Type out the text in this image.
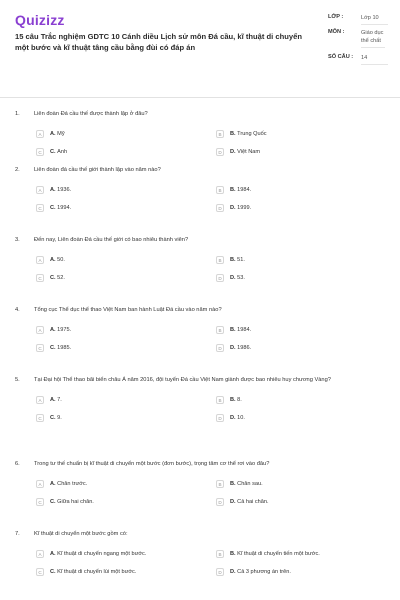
Quizizz
15 câu Trắc nghiệm GDTC 10 Cánh diều Lịch sử môn Đá cầu, kĩ thuật di chuyển một bước và kĩ thuật tâng cầu bằng đùi có đáp án
LỚP :	Lớp 10
MÔN :	Giáo dục thể chất
SỐ CÂU :	14
1.	Liên đoàn Đá cầu thế được thành lập ở đâu?
A	A. Mỹ	B	B. Trung Quốc
C	C. Anh	D	D. Việt Nam
2.	Liên đoàn đá cầu thế giới thành lập vào năm nào?
A	A. 1936.	B	B. 1984.
C	C. 1994.	D	D. 1999.
3.	Đến nay, Liên đoàn Đá cầu thế giới có bao nhiêu thành viên?
A	A. 50.	B	B. 51.
C	C. 52.	D	D. 53.
4.	Tổng cục Thể dục thể thao Việt Nam ban hành Luật Đá cầu vào năm nào?
A	A. 1975.	B	B. 1984.
C	C. 1985.	D	D. 1986.
5.	Tại Đại hội Thể thao bãi biển châu Á năm 2016, đội tuyển Đá cầu Việt Nam giành được bao nhiêu huy chương Vàng?
A	A. 7.	B	B. 8.
C	C. 9.	D	D. 10.
6.	Trong tư thế chuẩn bị kĩ thuật di chuyển một bước (đơn bước), trọng tâm cơ thể rơi vào đâu?
A	A. Chân trước.	B	B. Chân sau.
C	C. Giữa hai chân.	D	D. Cả hai chân.
7.	Kĩ thuật di chuyển một bước gồm có:
A	A. Kĩ thuật di chuyển ngang một bước.	B	B. Kĩ thuật di chuyển tiến một bước.
C	C. Kĩ thuật di chuyển lùi một bước.	D	D. Cả 3 phương án trên.
